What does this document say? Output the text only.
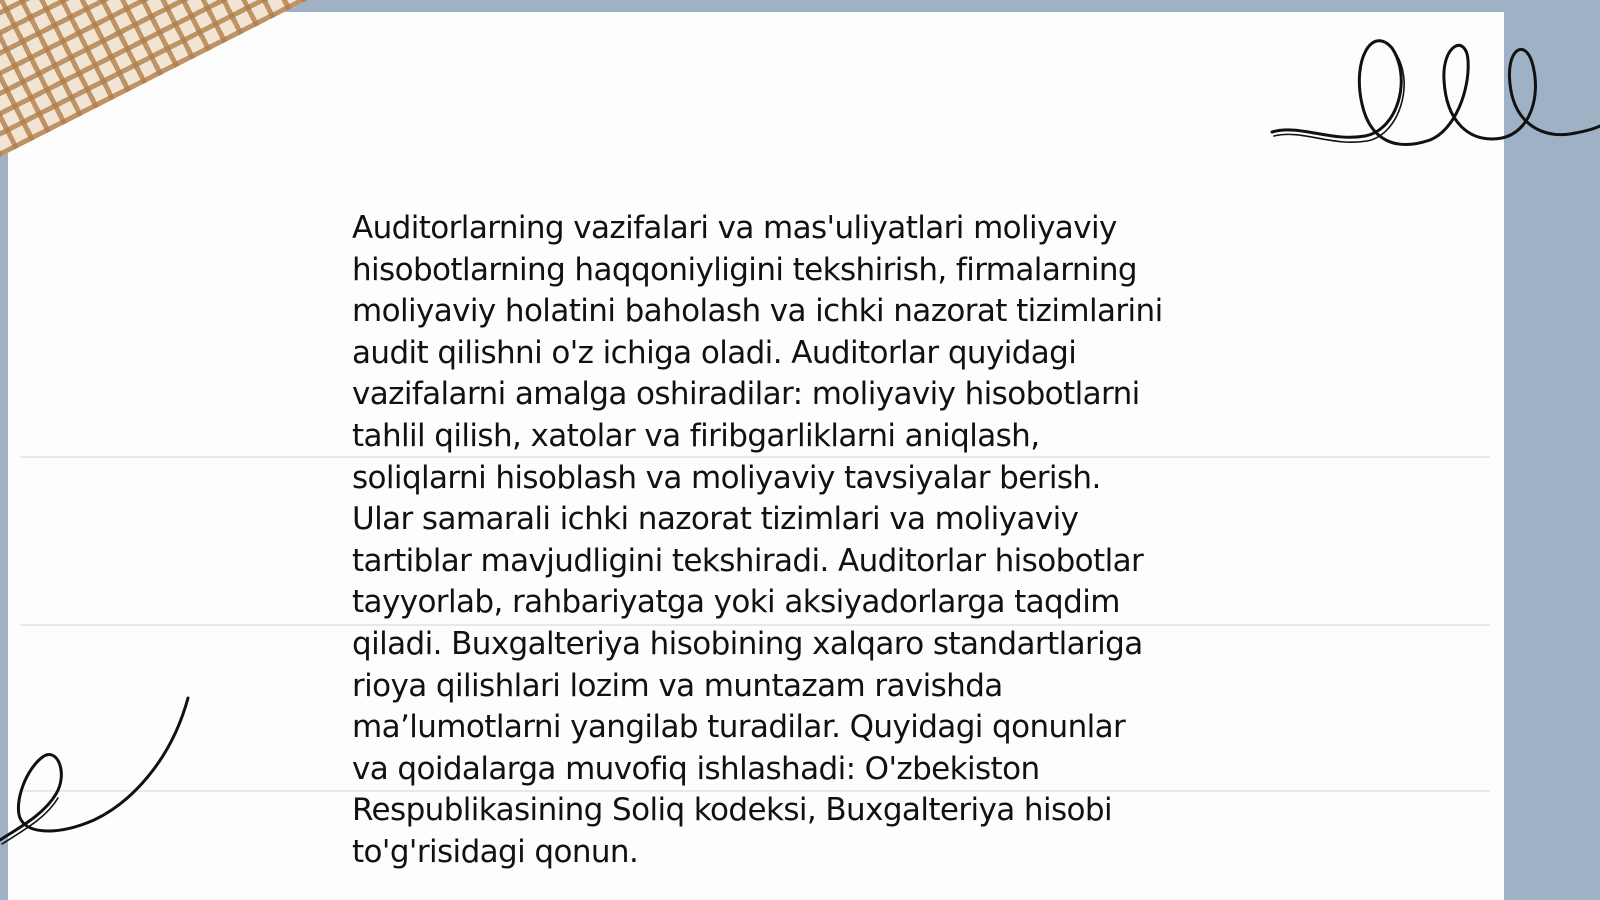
Auditorlarning vazifalari va mas'uliyatlari moliyaviy
hisobotlarning haqqoniyligini tekshirish, firmalarning
moliyaviy holatini baholash va ichki nazorat tizimlarini
audit qilishni o'z ichiga oladi. Auditorlar quyidagi
vazifalarni amalga oshiradilar: moliyaviy hisobotlarni
tahlil qilish, xatolar va firibgarliklarni aniqlash,
soliqlarni hisoblash va moliyaviy tavsiyalar berish.
Ular samarali ichki nazorat tizimlari va moliyaviy
tartiblar mavjudligini tekshiradi. Auditorlar hisobotlar
tayyorlab, rahbariyatga yoki aksiyadorlarga taqdim
qiladi. Buxgalteriya hisobining xalqaro standartlariga
rioya qilishlari lozim va muntazam ravishda
ma’lumotlarni yangilab turadilar. Quyidagi qonunlar
va qoidalarga muvofiq ishlashadi: O'zbekiston
Respublikasining Soliq kodeksi, Buxgalteriya hisobi
to'g'risidagi qonun.
